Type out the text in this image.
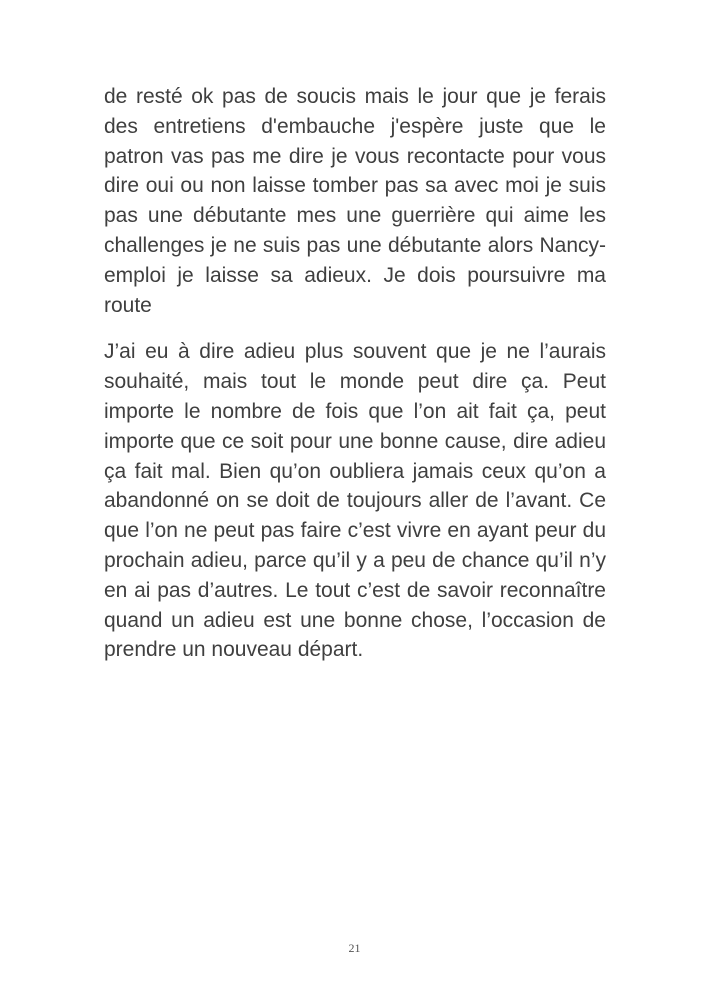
de resté ok pas de soucis mais le jour que je ferais des entretiens d'embauche j'espère juste que le patron vas pas me dire je vous recontacte pour vous dire oui ou non laisse tomber pas sa avec moi je suis pas une débutante mes une guerrière qui aime les challenges je ne suis pas une débutante alors Nancy-emploi je laisse sa adieux. Je dois poursuivre ma route

J’ai eu à dire adieu plus souvent que je ne l’aurais souhaité, mais tout le monde peut dire ça. Peut importe le nombre de fois que l’on ait fait ça, peut importe que ce soit pour une bonne cause, dire adieu ça fait mal. Bien qu’on oubliera jamais ceux qu’on a abandonné on se doit de toujours aller de l’avant. Ce que l’on ne peut pas faire c’est vivre en ayant peur du prochain adieu, parce qu’il y a peu de chance qu’il n’y en ai pas d’autres. Le tout c’est de savoir reconnaître quand un adieu est une bonne chose, l’occasion de prendre un nouveau départ.

21
